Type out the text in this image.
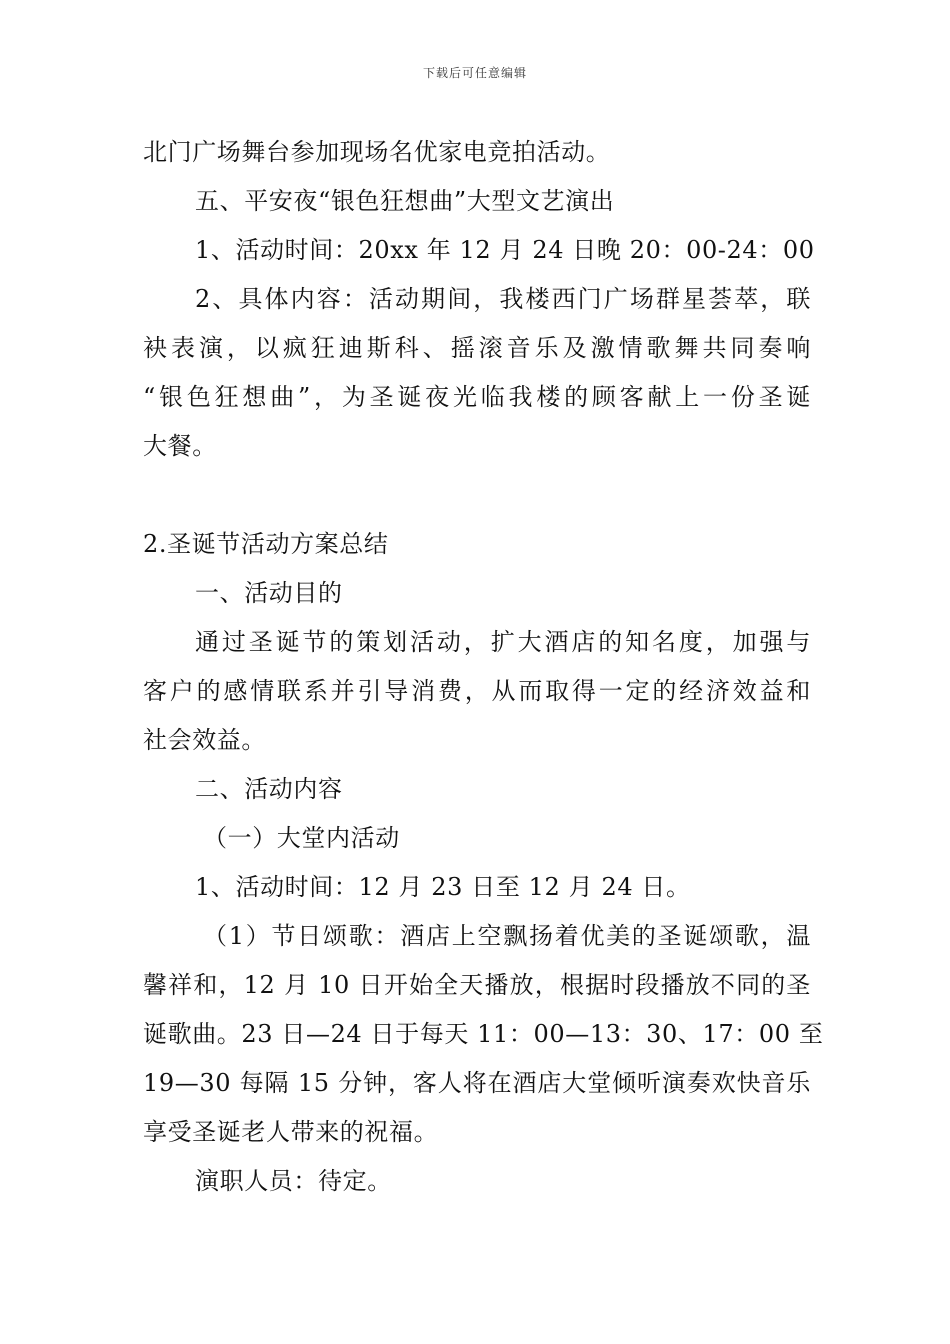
下载后可任意编辑
北门广场舞台参加现场名优家电竞拍活动。
五、平安夜“银色狂想曲”大型文艺演出
1、活动时间：20xx 年 12 月 24 日晚 20：00-24：00
2、具体内容：活动期间，我楼西门广场群星荟萃，联
袂表演，以疯狂迪斯科、摇滚音乐及激情歌舞共同奏响
“银色狂想曲”，为圣诞夜光临我楼的顾客献上一份圣诞
大餐。
2.圣诞节活动方案总结
一、活动目的
通过圣诞节的策划活动，扩大酒店的知名度，加强与
客户的感情联系并引导消费，从而取得一定的经济效益和
社会效益。
二、活动内容
（一）大堂内活动
1、活动时间：12 月 23 日至 12 月 24 日。
（1）节日颂歌：酒店上空飘扬着优美的圣诞颂歌，温
馨祥和，12 月 10 日开始全天播放，根据时段播放不同的圣
诞歌曲。23 日—24 日于每天 11：00—13：30、17：00 至
19—30 每隔 15 分钟，客人将在酒店大堂倾听演奏欢快音乐
享受圣诞老人带来的祝福。
演职人员：待定。
